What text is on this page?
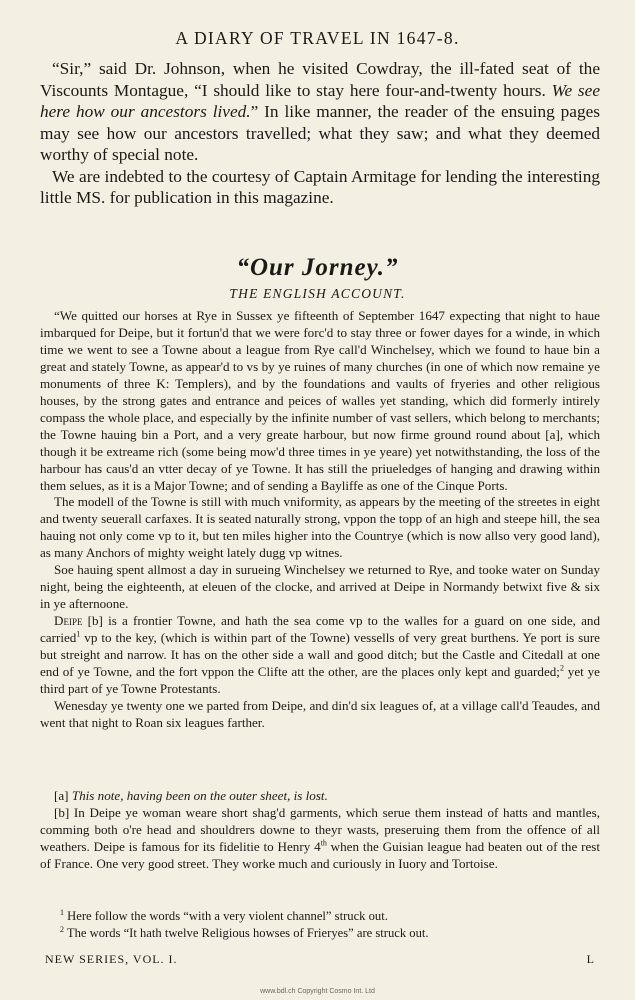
A DIARY OF TRAVEL IN 1647-8.

“Sir,” said Dr. Johnson, when he visited Cowdray, the ill-fated seat of the Viscounts Montague, “I should like to stay here four-and-twenty hours. We see here how our ancestors lived.” In like manner, the reader of the ensuing pages may see how our ancestors travelled; what they saw; and what they deemed worthy of special note.

We are indebted to the courtesy of Captain Armitage for lending the interesting little MS. for publication in this magazine.

“Our Jorney.”
THE ENGLISH ACCOUNT.

“We quitted our horses at Rye in Sussex ye fifteenth of September 1647 expecting that night to haue imbarqued for Deipe, but it fortun'd that we were forc'd to stay three or fower dayes for a winde, in which time we went to see a Towne about a league from Rye call'd Winchelsey, which we found to haue bin a great and stately Towne, as appear'd to vs by ye ruines of many churches (in one of which now remaine ye monuments of three K: Templers), and by the foundations and vaults of fryeries and other religious houses, by the strong gates and entrance and peices of walles yet standing, which did formerly intirely compass the whole place, and especially by the infinite number of vast sellers, which belong to merchants; the Towne hauing bin a Port, and a very greate harbour, but now firme ground round about [a], which though it be extreame rich (some being mow'd three times in ye yeare) yet notwithstanding, the loss of the harbour has caus'd an vtter decay of ye Towne. It has still the priueledges of hanging and drawing within them selues, as it is a Major Towne; and of sending a Bayliffe as one of the Cinque Ports.

The modell of the Towne is still with much vniformity, as appears by the meeting of the streetes in eight and twenty seuerall carfaxes. It is seated naturally strong, vppon the topp of an high and steepe hill, the sea hauing not only come vp to it, but ten miles higher into the Countrye (which is now allso very good land), as many Anchors of mighty weight lately dugg vp witnes.

Soe hauing spent allmost a day in surueing Winchelsey we returned to Rye, and tooke water on Sunday night, being the eighteenth, at eleuen of the clocke, and arrived at Deipe in Normandy betwixt five & six in ye afternoone.

Deipe [b] is a frontier Towne, and hath the sea come vp to the walles for a guard on one side, and carried$^1$ vp to the key, (which is within part of the Towne) vessells of very great burthens. Ye port is sure but streight and narrow. It has on the other side a wall and good ditch; but the Castle and Citedall at one end of ye Towne, and the fort vppon the Clifte att the other, are the places only kept and guarded;$^2$ yet ye third part of ye Towne Protestants.

Wenesday ye twenty one we parted from Deipe, and din'd six leagues of, at a village call'd Teaudes, and went that night to Roan six leagues farther.

[a] This note, having been on the outer sheet, is lost.

[b] In Deipe ye woman weare short shag'd garments, which serue them instead of hatts and mantles, comming both o're head and shouldrers downe to theyr wasts, preseruing them from the offence of all weathers. Deipe is famous for its fidelitie to Henry 4th when the Guisian league had beaten out of the rest of France. One very good street. They worke much and curiously in Iuory and Tortoise.

$^1$ Here follow the words “with a very violent channel” struck out.

$^2$ The words “It hath twelve Religious howses of Frieryes” are struck out.

NEW SERIES, VOL. I.	L
www.bdl.ch Copyright Cosmo Int. Ltd
